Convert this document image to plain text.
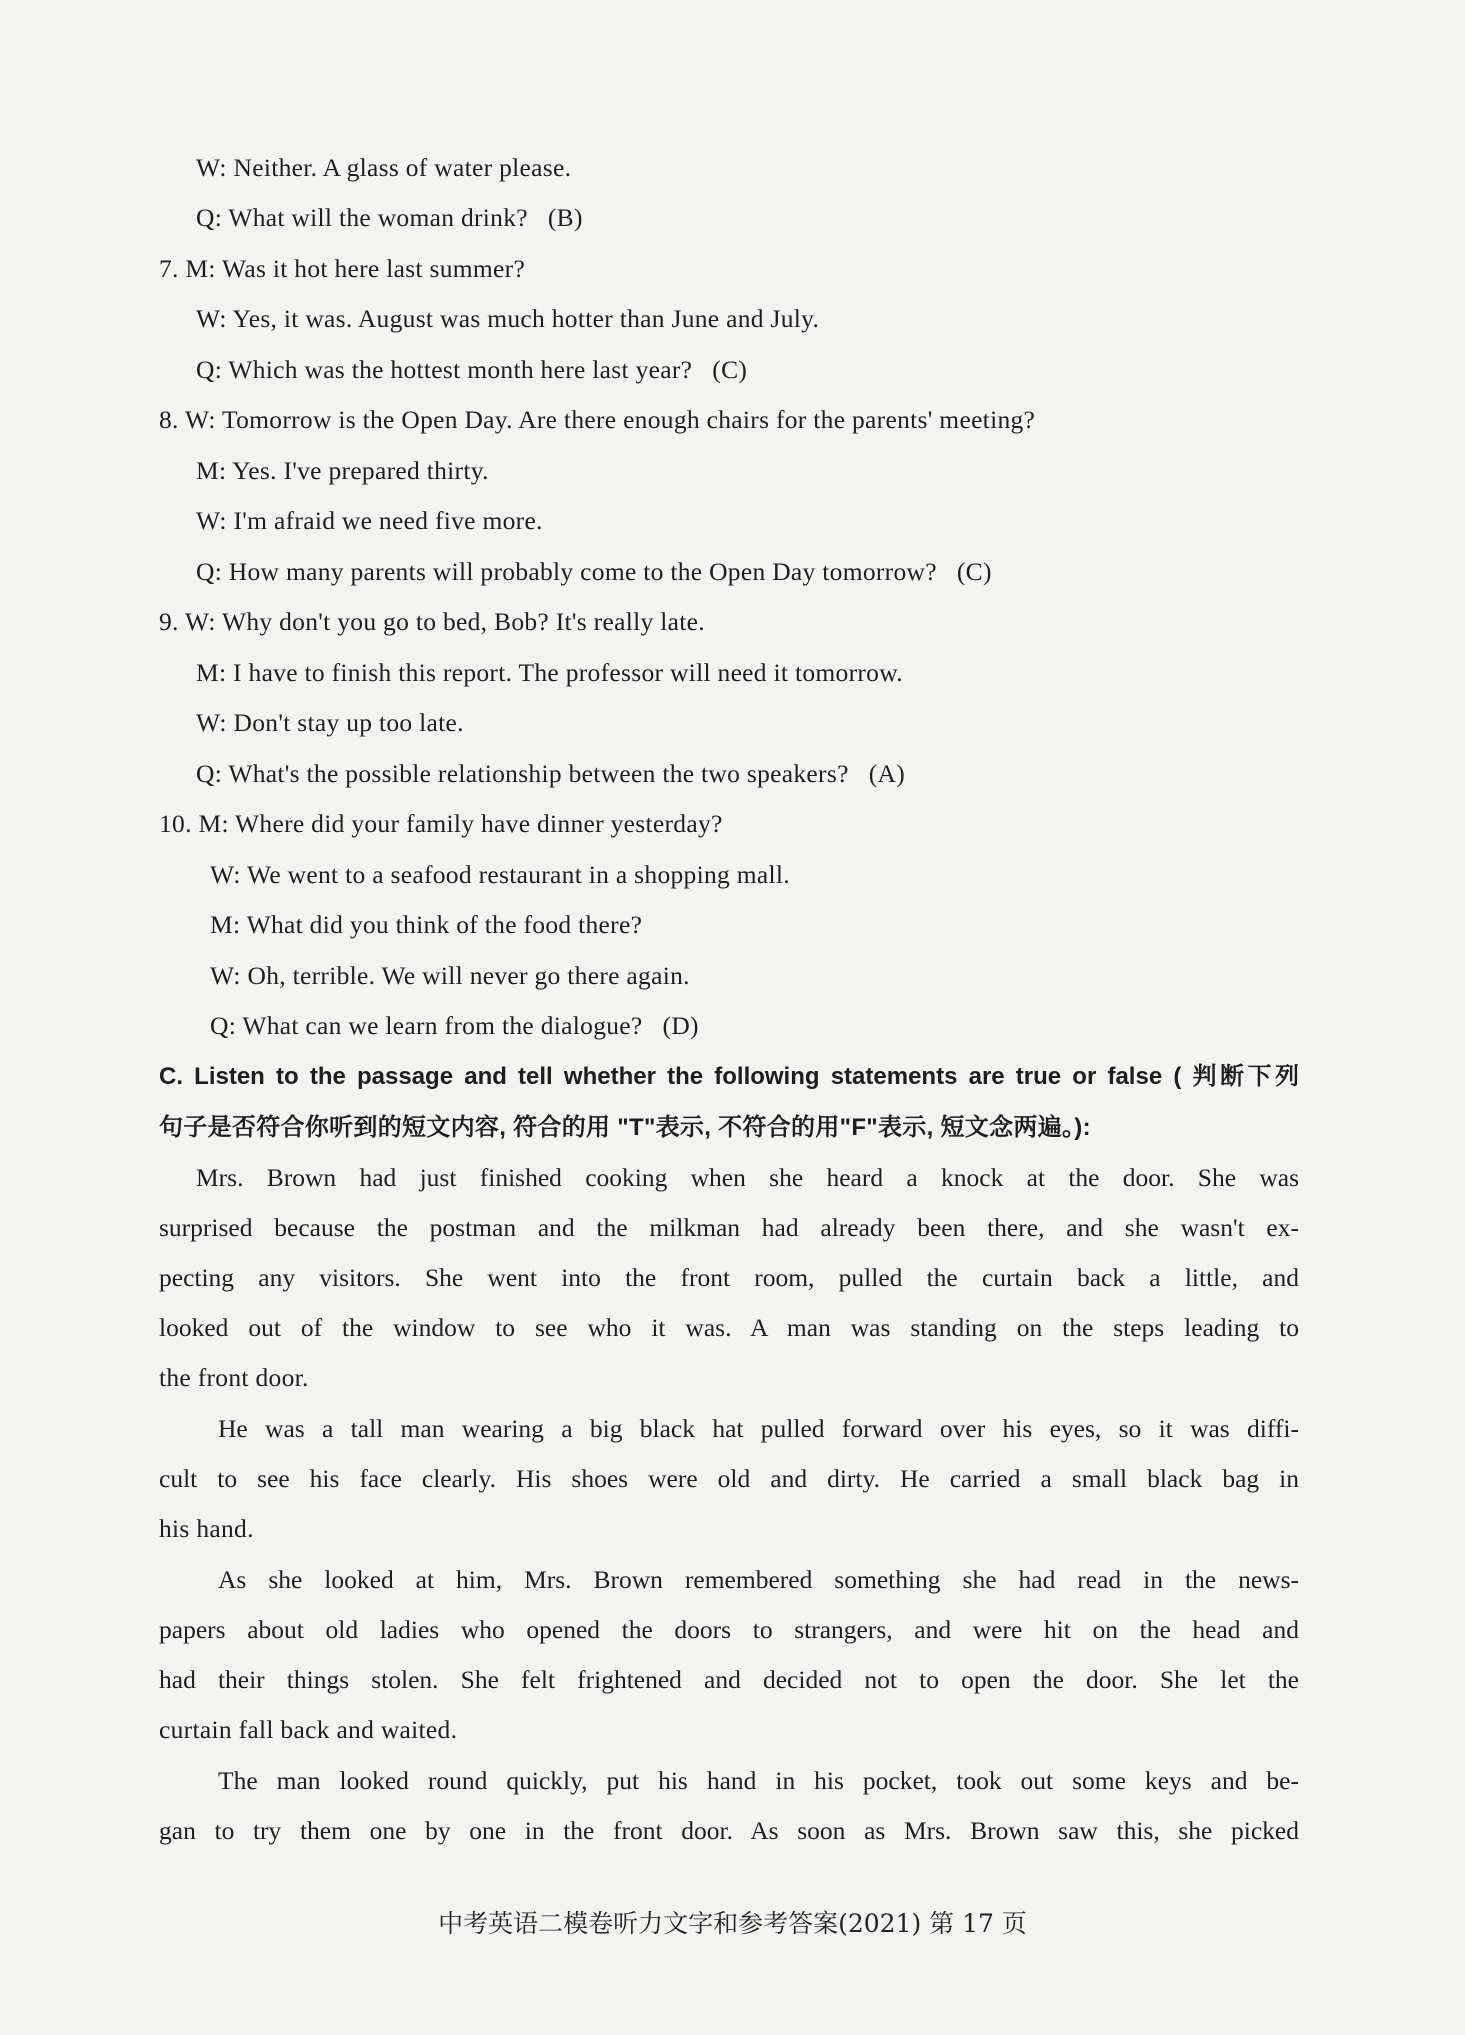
W: Neither. A glass of water please.
Q: What will the woman drink? (B)
7. M: Was it hot here last summer?
W: Yes, it was. August was much hotter than June and July.
Q: Which was the hottest month here last year? (C)
8. W: Tomorrow is the Open Day. Are there enough chairs for the parents' meeting?
M: Yes. I've prepared thirty.
W: I'm afraid we need five more.
Q: How many parents will probably come to the Open Day tomorrow? (C)
9. W: Why don't you go to bed, Bob? It's really late.
M: I have to finish this report. The professor will need it tomorrow.
W: Don't stay up too late.
Q: What's the possible relationship between the two speakers? (A)
10. M: Where did your family have dinner yesterday?
W: We went to a seafood restaurant in a shopping mall.
M: What did you think of the food there?
W: Oh, terrible. We will never go there again.
Q: What can we learn from the dialogue? (D)
C. Listen to the passage and tell whether the following statements are true or false ( 判断下列
句子是否符合你听到的短文内容, 符合的用 "T"表示, 不符合的用"F"表示, 短文念两遍。):
Mrs. Brown had just finished cooking when she heard a knock at the door. She was
surprised because the postman and the milkman had already been there, and she wasn't ex-
pecting any visitors. She went into the front room, pulled the curtain back a little, and
looked out of the window to see who it was. A man was standing on the steps leading to
the front door.
He was a tall man wearing a big black hat pulled forward over his eyes, so it was diffi-
cult to see his face clearly. His shoes were old and dirty. He carried a small black bag in
his hand.
As she looked at him, Mrs. Brown remembered something she had read in the news-
papers about old ladies who opened the doors to strangers, and were hit on the head and
had their things stolen. She felt frightened and decided not to open the door. She let the
curtain fall back and waited.
The man looked round quickly, put his hand in his pocket, took out some keys and be-
gan to try them one by one in the front door. As soon as Mrs. Brown saw this, she picked
中考英语二模卷听力文字和参考答案(2021) 第 17 页
